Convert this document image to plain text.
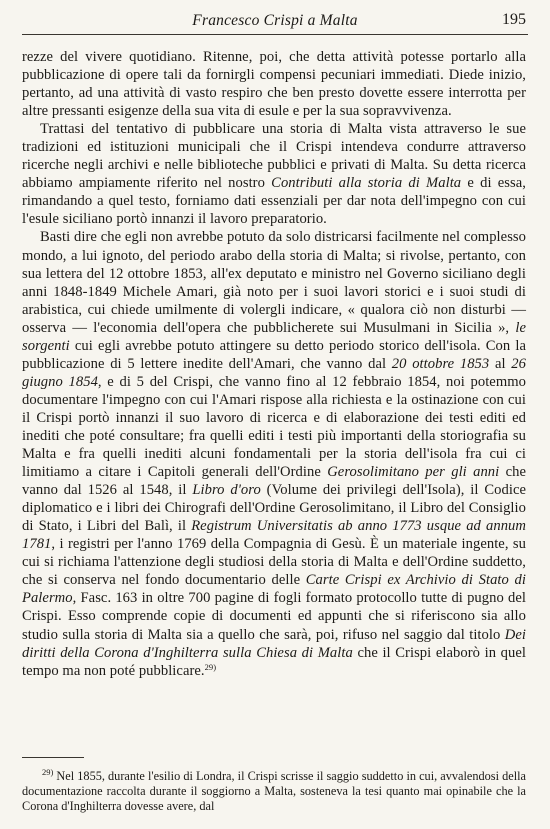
Francesco Crispi a Malta	195

rezze del vivere quotidiano. Ritenne, poi, che detta attività potesse portarlo alla pubblicazione di opere tali da fornirgli compensi pecuniari immediati. Diede inizio, pertanto, ad una attività di vasto respiro che ben presto dovette essere interrotta per altre pressanti esigenze della sua vita di esule e per la sua sopravvivenza.

Trattasi del tentativo di pubblicare una storia di Malta vista attraverso le sue tradizioni ed istituzioni municipali che il Crispi intendeva condurre attraverso ricerche negli archivi e nelle biblioteche pubblici e privati di Malta. Su detta ricerca abbiamo ampiamente riferito nel nostro Contributi alla storia di Malta e di essa, rimandando a quel testo, forniamo dati essenziali per dar nota dell'impegno con cui l'esule siciliano portò innanzi il lavoro preparatorio.

Basti dire che egli non avrebbe potuto da solo districarsi facilmente nel complesso mondo, a lui ignoto, del periodo arabo della storia di Malta; si rivolse, pertanto, con sua lettera del 12 ottobre 1853, all'ex deputato e ministro nel Governo siciliano degli anni 1848-1849 Michele Amari, già noto per i suoi lavori storici e i suoi studi di arabistica, cui chiede umilmente di volergli indicare, « qualora ciò non disturbi — osserva — l'economia dell'opera che pubblicherete sui Musulmani in Sicilia », le sorgenti cui egli avrebbe potuto attingere su detto periodo storico dell'isola. Con la pubblicazione di 5 lettere inedite dell'Amari, che vanno dal 20 ottobre 1853 al 26 giugno 1854, e di 5 del Crispi, che vanno fino al 12 febbraio 1854, noi potemmo documentare l'impegno con cui l'Amari rispose alla richiesta e la ostinazione con cui il Crispi portò innanzi il suo lavoro di ricerca e di elaborazione dei testi editi ed inediti che poté consultare; fra quelli editi i testi più importanti della storiografia su Malta e fra quelli inediti alcuni fondamentali per la storia dell'isola fra cui ci limitiamo a citare i Capitoli generali dell'Ordine Gerosolimitano per gli anni che vanno dal 1526 al 1548, il Libro d'oro (Volume dei privilegi dell'Isola), il Codice diplomatico e i libri dei Chirografi dell'Ordine Gerosolimitano, il Libro del Consiglio di Stato, i Libri del Balì, il Registrum Universitatis ab anno 1773 usque ad annum 1781, i registri per l'anno 1769 della Compagnia di Gesù. È un materiale ingente, su cui si richiama l'attenzione degli studiosi della storia di Malta e dell'Ordine suddetto, che si conserva nel fondo documentario delle Carte Crispi ex Archivio di Stato di Palermo, Fasc. 163 in oltre 700 pagine di fogli formato protocollo tutte di pugno del Crispi. Esso comprende copie di documenti ed appunti che si riferiscono sia allo studio sulla storia di Malta sia a quello che sarà, poi, rifuso nel saggio dal titolo Dei diritti della Corona d'Inghilterra sulla Chiesa di Malta che il Crispi elaborò in quel tempo ma non poté pubblicare.$^{29)}$

$^{29)}$ Nel 1855, durante l'esilio di Londra, il Crispi scrisse il saggio suddetto in cui, avvalendosi della documentazione raccolta durante il soggiorno a Malta, sosteneva la tesi quanto mai opinabile che la Corona d'Inghilterra dovesse avere, dal
